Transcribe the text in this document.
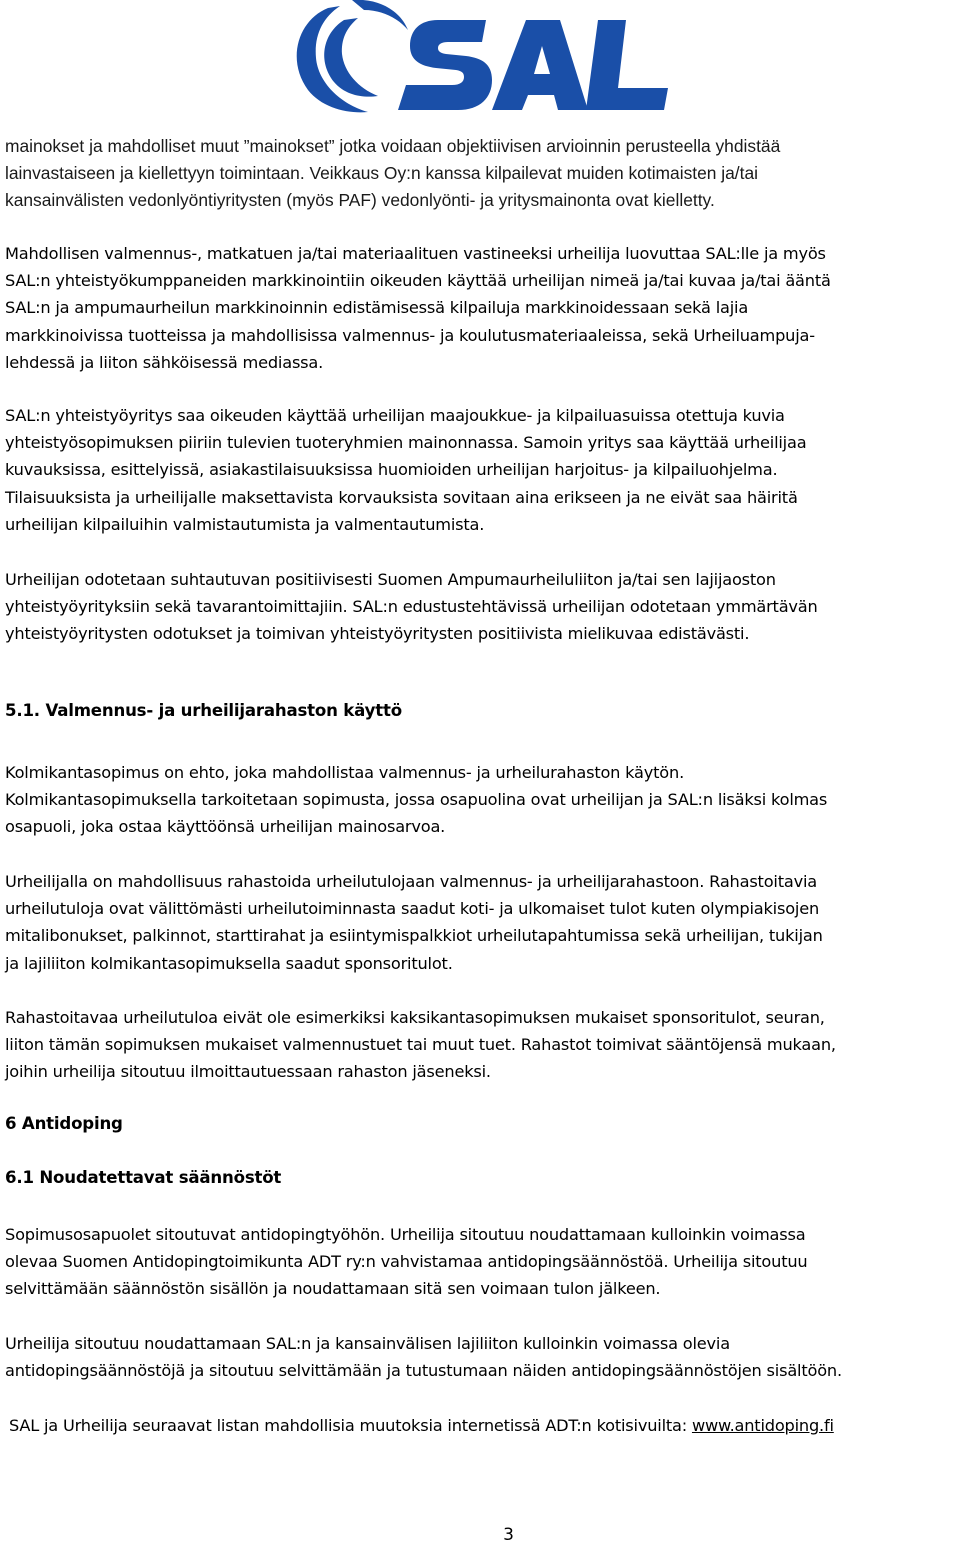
mainokset ja mahdolliset muut ”mainokset” jotka voidaan objektiivisen arvioinnin perusteella yhdistää
lainvastaiseen ja kiellettyyn toimintaan. Veikkaus Oy:n kanssa kilpailevat muiden kotimaisten ja/tai
kansainvälisten vedonlyöntiyritysten (myös PAF) vedonlyönti- ja yritysmainonta ovat kielletty.
Mahdollisen valmennus-, matkatuen ja/tai materiaalituen vastineeksi urheilija luovuttaa SAL:lle ja myös
SAL:n yhteistyökumppaneiden markkinointiin oikeuden käyttää urheilijan nimeä ja/tai kuvaa ja/tai ääntä
SAL:n ja ampumaurheilun markkinoinnin edistämisessä kilpailuja markkinoidessaan sekä lajia
markkinoivissa tuotteissa ja mahdollisissa valmennus- ja koulutusmateriaaleissa, sekä Urheiluampuja-
lehdessä ja liiton sähköisessä mediassa.
SAL:n yhteistyöyritys saa oikeuden käyttää urheilijan maajoukkue- ja kilpailuasuissa otettuja kuvia
yhteistyösopimuksen piiriin tulevien tuoteryhmien mainonnassa. Samoin yritys saa käyttää urheilijaa
kuvauksissa, esittelyissä, asiakastilaisuuksissa huomioiden urheilijan harjoitus- ja kilpailuohjelma.
Tilaisuuksista ja urheilijalle maksettavista korvauksista sovitaan aina erikseen ja ne eivät saa häiritä
urheilijan kilpailuihin valmistautumista ja valmentautumista.
Urheilijan odotetaan suhtautuvan positiivisesti Suomen Ampumaurheiluliiton ja/tai sen lajijaoston
yhteistyöyrityksiin sekä tavarantoimittajiin. SAL:n edustustehtävissä urheilijan odotetaan ymmärtävän
yhteistyöyritysten odotukset ja toimivan yhteistyöyritysten positiivista mielikuvaa edistävästi.
5.1. Valmennus- ja urheilijarahaston käyttö
Kolmikantasopimus on ehto, joka mahdollistaa valmennus- ja urheilurahaston käytön.
Kolmikantasopimuksella tarkoitetaan sopimusta, jossa osapuolina ovat urheilijan ja SAL:n lisäksi kolmas
osapuoli, joka ostaa käyttöönsä urheilijan mainosarvoa.
Urheilijalla on mahdollisuus rahastoida urheilutulojaan valmennus- ja urheilijarahastoon. Rahastoitavia
urheilutuloja ovat välittömästi urheilutoiminnasta saadut koti- ja ulkomaiset tulot kuten olympiakisojen
mitalibonukset, palkinnot, starttirahat ja esiintymispalkkiot urheilutapahtumissa sekä urheilijan, tukijan
ja lajiliiton kolmikantasopimuksella saadut sponsoritulot.
Rahastoitavaa urheilutuloa eivät ole esimerkiksi kaksikantasopimuksen mukaiset sponsoritulot, seuran,
liiton tämän sopimuksen mukaiset valmennustuet tai muut tuet. Rahastot toimivat sääntöjensä mukaan,
joihin urheilija sitoutuu ilmoittautuessaan rahaston jäseneksi.
6 Antidoping
6.1 Noudatettavat säännöstöt
Sopimusosapuolet sitoutuvat antidopingtyöhön. Urheilija sitoutuu noudattamaan kulloinkin voimassa
olevaa Suomen Antidopingtoimikunta ADT ry:n vahvistamaa antidopingsäännöstöä. Urheilija sitoutuu
selvittämään säännöstön sisällön ja noudattamaan sitä sen voimaan tulon jälkeen.
Urheilija sitoutuu noudattamaan SAL:n ja kansainvälisen lajiliiton kulloinkin voimassa olevia
antidopingsäännöstöjä ja sitoutuu selvittämään ja tutustumaan näiden antidopingsäännöstöjen sisältöön.
SAL ja Urheilija seuraavat listan mahdollisia muutoksia internetissä ADT:n kotisivuilta: www.antidoping.fi
3
